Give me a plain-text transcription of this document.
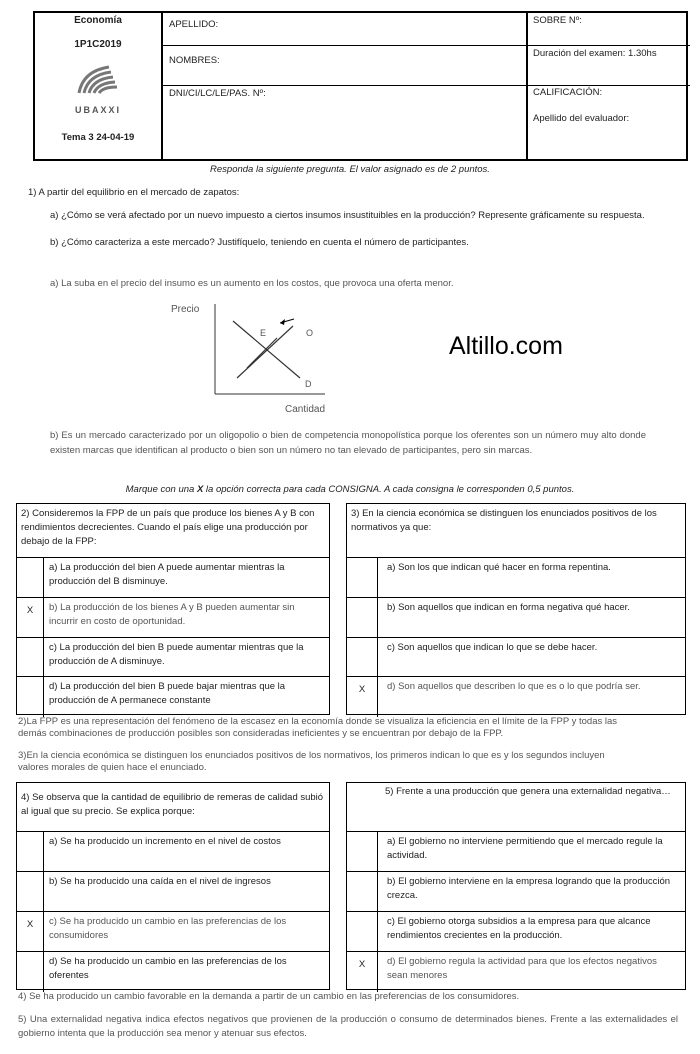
Economía
1P1C2019
UBAXXI
Tema 3 24-04-19
APELLIDO:
NOMBRES:
DNI/CI/LC/LE/PAS. Nº:
SOBRE Nº:
Duración del examen: 1.30hs
CALIFICACIÓN:
Apellido del evaluador:
Responda la siguiente pregunta. El valor asignado es de 2 puntos.
1) A partir del equilibrio en el mercado de zapatos:
a) ¿Cómo se verá afectado por un nuevo impuesto a ciertos insumos insustituibles en la producción? Represente gráficamente su respuesta.
b) ¿Cómo caracteriza a este mercado? Justifíquelo, teniendo en cuenta el número de participantes.
a) La suba en el precio del insumo es un aumento en los costos, que provoca una oferta menor.
Precio
E	O
D
Cantidad
Altillo.com
b) Es un mercado caracterizado por un oligopolio o bien de competencia monopolística porque los oferentes son un número muy alto donde existen marcas que identifican al producto o bien son un número no tan elevado de participantes, pero sin marcas.
Marque con una X la opción correcta para cada CONSIGNA. A cada consigna le corresponden 0,5 puntos.
2) Consideremos la FPP de un país que produce los bienes A y B con rendimientos decrecientes. Cuando el país elige una producción por debajo de la FPP:
a) La producción del bien A puede aumentar mientras la producción del B disminuye.
X	b) La producción de los bienes A y B pueden aumentar sin incurrir en costo de oportunidad.
c) La producción del bien B puede aumentar mientras que la producción de A disminuye.
d) La producción del bien B puede bajar mientras que la producción de A permanece constante
3) En la ciencia económica se distinguen los enunciados positivos de los normativos ya que:
a) Son los que indican qué hacer en forma repentina.
b) Son aquellos que indican en forma negativa qué hacer.
c) Son aquellos que indican lo que se debe hacer.
X	d) Son aquellos que describen lo que es o lo que podría ser.
2)La FPP es una representación del fenómeno de la escasez en la economía donde se visualiza la eficiencia en el límite de la FPP y todas las demás combinaciones de producción posibles son consideradas ineficientes y se encuentran por debajo de la FPP.
3)En la ciencia económica se distinguen los enunciados positivos de los normativos, los primeros indican lo que es y los segundos incluyen valores morales de quien hace el enunciado.
4) Se observa que la cantidad de equilibrio de remeras de calidad subió al igual que su precio. Se explica porque:
a) Se ha producido un incremento en el nivel de costos
b) Se ha producido una caída en el nivel de ingresos
X	c) Se ha producido un cambio en las preferencias de los consumidores
d) Se ha producido un cambio en las preferencias de los oferentes
5) Frente a una producción que genera una externalidad negativa…
a) El gobierno no interviene permitiendo que el mercado regule la actividad.
b) El gobierno interviene en la empresa logrando que la producción crezca.
c) El gobierno otorga subsidios a la empresa para que alcance rendimientos crecientes en la producción.
X	d) El gobierno regula la actividad para que los efectos negativos sean menores
4) Se ha producido un cambio favorable en la demanda a partir de un cambio en las preferencias de los consumidores.
5) Una externalidad negativa indica efectos negativos que provienen de la producción o consumo de determinados bienes. Frente a las externalidades el gobierno intenta que la producción sea menor y atenuar sus efectos.
